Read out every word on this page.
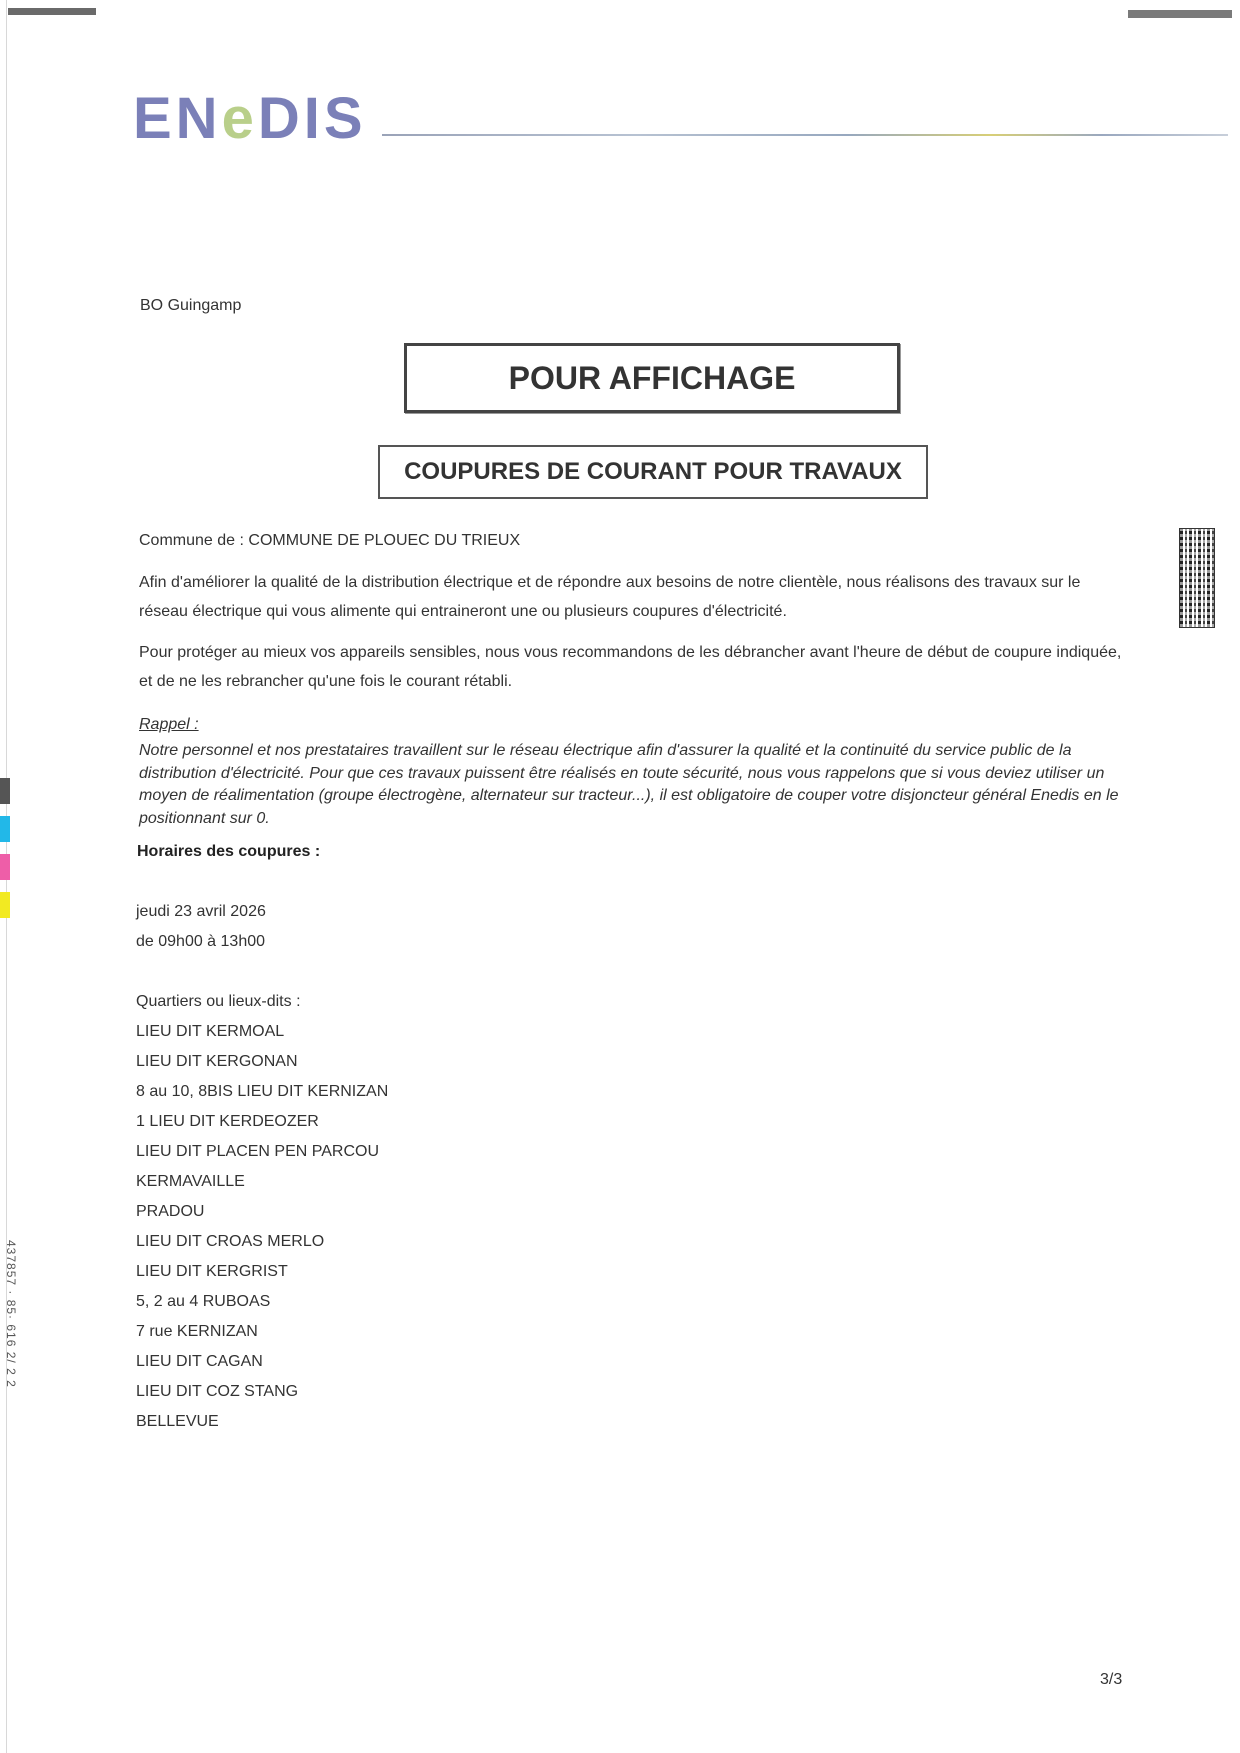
EN e DIS
BO Guingamp
POUR AFFICHAGE
COUPURES DE COURANT POUR TRAVAUX
437857 · 85· 616 2/ 2 2
Commune de : COMMUNE DE PLOUEC DU TRIEUX
Afin d'améliorer la qualité de la distribution électrique et de répondre aux besoins de notre clientèle, nous réalisons des travaux sur le réseau électrique qui vous alimente qui entraineront une ou plusieurs coupures d'électricité.
Pour protéger au mieux vos appareils sensibles, nous vous recommandons de les débrancher avant l'heure de début de coupure indiquée, et de ne les rebrancher qu'une fois le courant rétabli.
Rappel :
Notre personnel et nos prestataires travaillent sur le réseau électrique afin d'assurer la qualité et la continuité du service public de la distribution d'électricité. Pour que ces travaux puissent être réalisés en toute sécurité, nous vous rappelons que si vous deviez utiliser un moyen de réalimentation (groupe électrogène, alternateur sur tracteur...), il est obligatoire de couper votre disjoncteur général Enedis en le positionnant sur 0.
Horaires des coupures :
jeudi 23 avril 2026
de 09h00 à 13h00
Quartiers ou lieux-dits :
LIEU DIT KERMOAL
LIEU DIT KERGONAN
8 au 10, 8BIS LIEU DIT KERNIZAN
1 LIEU DIT KERDEOZER
LIEU DIT PLACEN PEN PARCOU
KERMAVAILLE
PRADOU
LIEU DIT CROAS MERLO
LIEU DIT KERGRIST
5, 2 au 4 RUBOAS
7 rue KERNIZAN
LIEU DIT CAGAN
LIEU DIT COZ STANG
BELLEVUE
3/3
